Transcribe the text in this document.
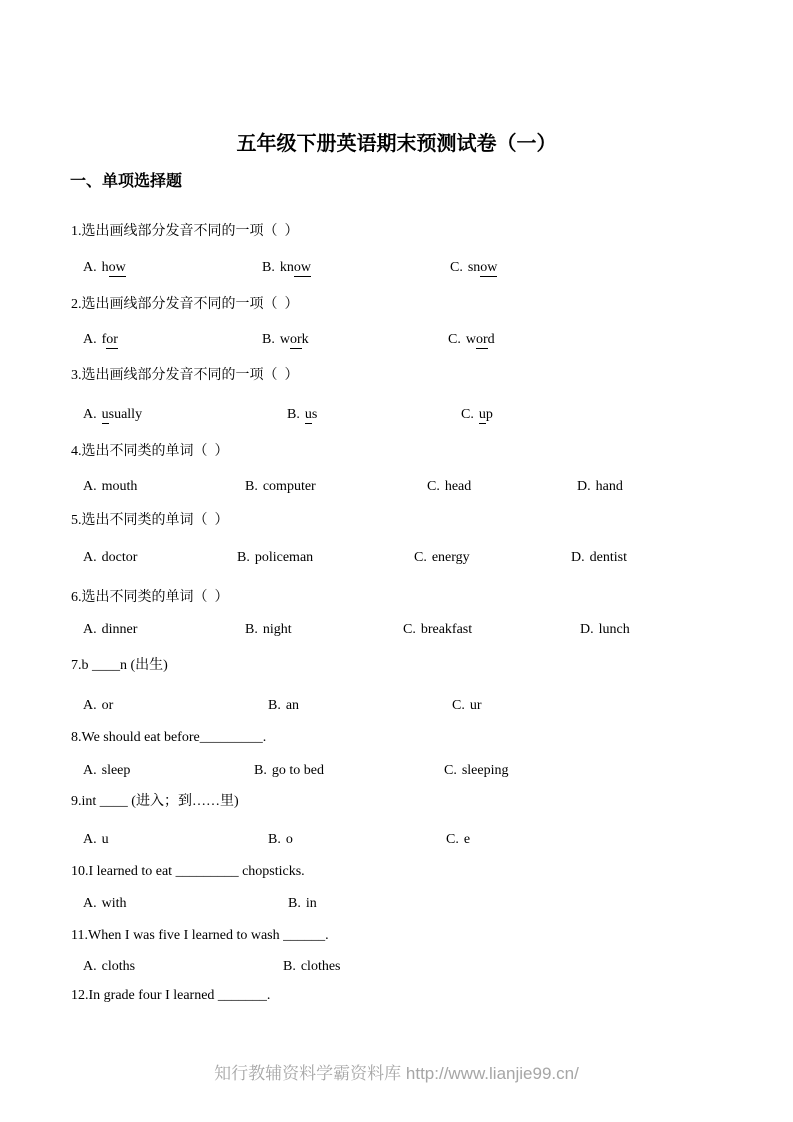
五年级下册英语期末预测试卷（一）
一、单项选择题
1.选出画线部分发音不同的一项（  ）
A. how	B. know	C. snow
2.选出画线部分发音不同的一项（  ）
A. for	B. work	C. word
3.选出画线部分发音不同的一项（  ）
A. usually	B. us	C. up
4.选出不同类的单词（  ）
A. mouth	B. computer	C. head	D. hand
5.选出不同类的单词（  ）
A. doctor	B. policeman	C. energy	D. dentist
6.选出不同类的单词（  ）
A. dinner	B. night	C. breakfast	D. lunch
7.b ____n (出生)
A. or	B. an	C. ur
8.We should eat before_________.
A. sleep	B. go to bed	C. sleeping
9.int ____ (进入；到……里)
A. u	B. o	C. e
10.I learned to eat _________ chopsticks.
A. with	B. in
11.When I was five I learned to wash ______.
A. cloths	B. clothes
12.In grade four I learned _______.
知行教辅资料学霸资料库 http://www.lianjie99.cn/
